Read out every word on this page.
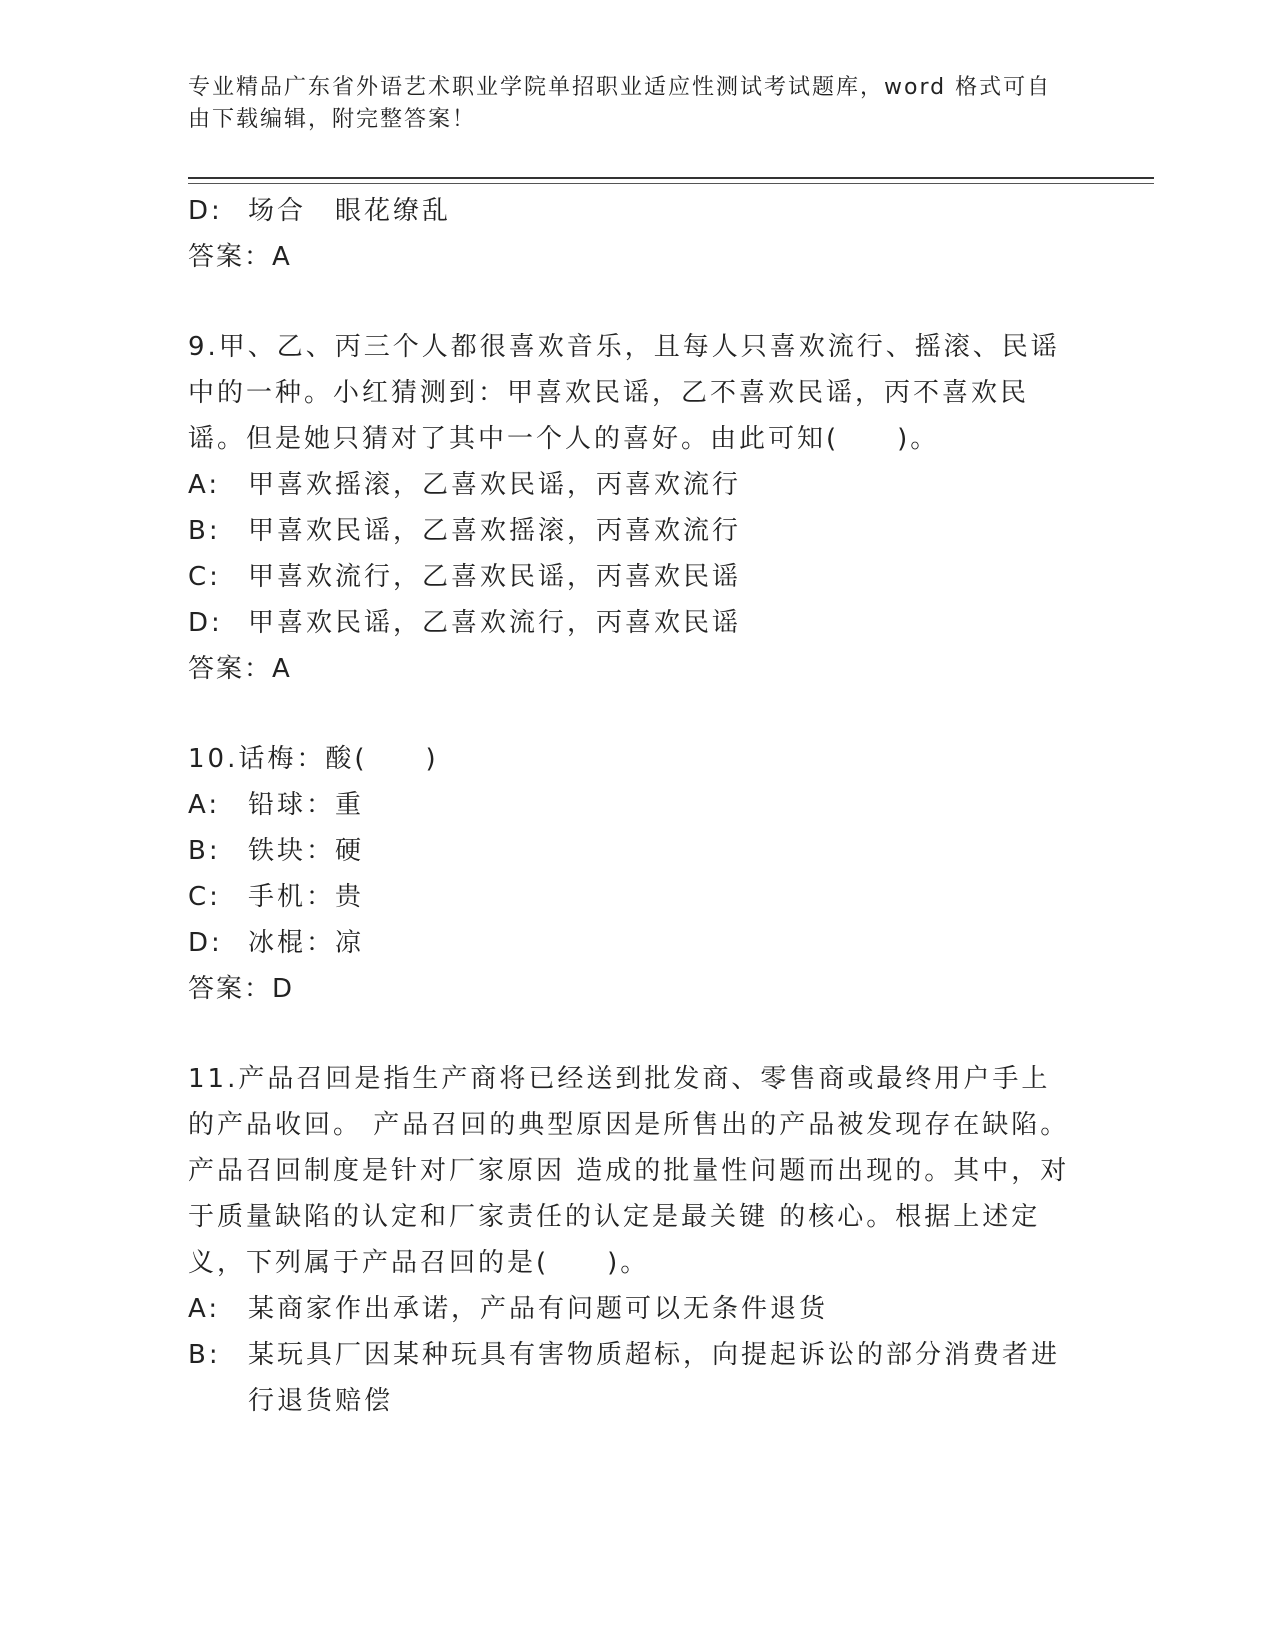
专业精品广东省外语艺术职业学院单招职业适应性测试考试题库，word 格式可自由下载编辑，附完整答案！
D: 场合　眼花缭乱

答案：A

9.甲、乙、丙三个人都很喜欢音乐，且每人只喜欢流行、摇滚、民谣中的一种。小红猜测到：甲喜欢民谣，乙不喜欢民谣，丙不喜欢民谣。但是她只猜对了其中一个人的喜好。由此可知(　　)。

A:	甲喜欢摇滚，乙喜欢民谣，丙喜欢流行
B:	甲喜欢民谣，乙喜欢摇滚，丙喜欢流行
C:	甲喜欢流行，乙喜欢民谣，丙喜欢民谣
D: 甲喜欢民谣，乙喜欢流行，丙喜欢民谣

答案：A

10.话梅：酸(　　)

A:	铅球：重
B:	铁块：硬
C:	手机：贵
D: 冰棍：凉

答案：D

11.产品召回是指生产商将已经送到批发商、零售商或最终用户手上的产品收回。 产品召回的典型原因是所售出的产品被发现存在缺陷。产品召回制度是针对厂家原因 造成的批量性问题而出现的。其中，对于质量缺陷的认定和厂家责任的认定是最关键 的核心。根据上述定义，下列属于产品召回的是(　　)。

A:	某商家作出承诺，产品有问题可以无条件退货
B:	某玩具厂因某种玩具有害物质超标，向提起诉讼的部分消费者进行退货赔偿
